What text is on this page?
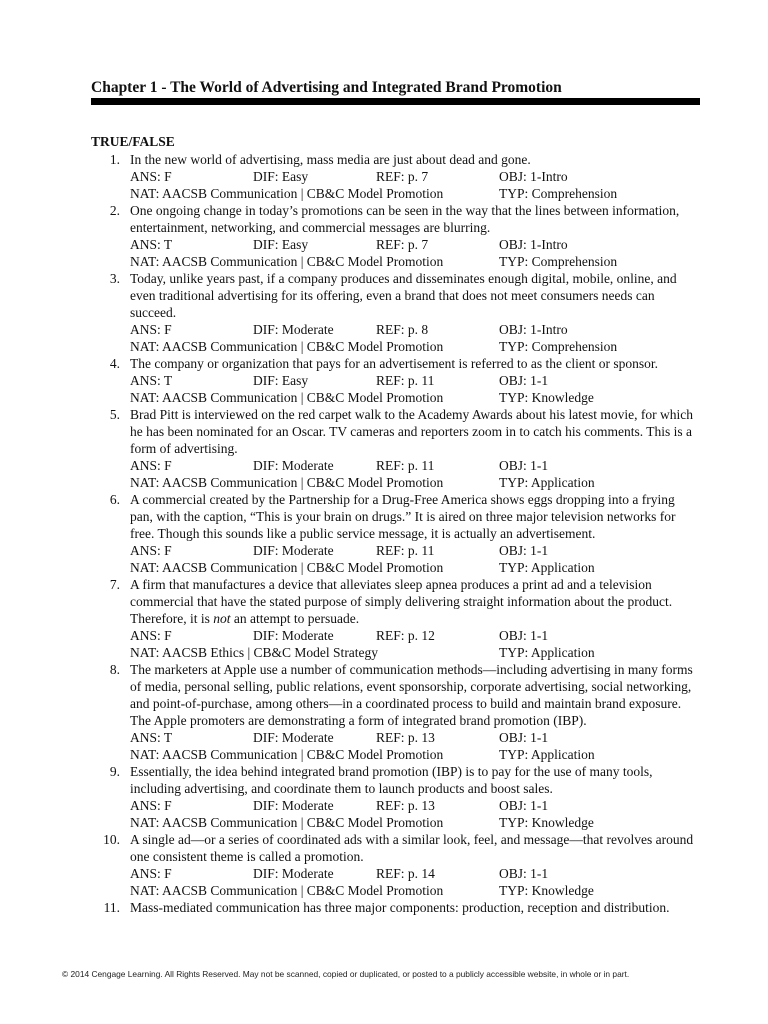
Chapter 1 - The World of Advertising and Integrated Brand Promotion
TRUE/FALSE
1. In the new world of advertising, mass media are just about dead and gone.
ANS: F	DIF: Easy	REF: p. 7	OBJ: 1-Intro
NAT: AACSB Communication | CB&C Model Promotion	TYP: Comprehension
2. One ongoing change in today’s promotions can be seen in the way that the lines between information, entertainment, networking, and commercial messages are blurring.
ANS: T	DIF: Easy	REF: p. 7	OBJ: 1-Intro
NAT: AACSB Communication | CB&C Model Promotion	TYP: Comprehension
3. Today, unlike years past, if a company produces and disseminates enough digital, mobile, online, and even traditional advertising for its offering, even a brand that does not meet consumers needs can succeed.
ANS: F	DIF: Moderate	REF: p. 8	OBJ: 1-Intro
NAT: AACSB Communication | CB&C Model Promotion	TYP: Comprehension
4. The company or organization that pays for an advertisement is referred to as the client or sponsor.
ANS: T	DIF: Easy	REF: p. 11	OBJ: 1-1
NAT: AACSB Communication | CB&C Model Promotion	TYP: Knowledge
5. Brad Pitt is interviewed on the red carpet walk to the Academy Awards about his latest movie, for which he has been nominated for an Oscar. TV cameras and reporters zoom in to catch his comments. This is a form of advertising.
ANS: F	DIF: Moderate	REF: p. 11	OBJ: 1-1
NAT: AACSB Communication | CB&C Model Promotion	TYP: Application
6. A commercial created by the Partnership for a Drug-Free America shows eggs dropping into a frying pan, with the caption, “This is your brain on drugs.” It is aired on three major television networks for free. Though this sounds like a public service message, it is actually an advertisement.
ANS: F	DIF: Moderate	REF: p. 11	OBJ: 1-1
NAT: AACSB Communication | CB&C Model Promotion	TYP: Application
7. A firm that manufactures a device that alleviates sleep apnea produces a print ad and a television commercial that have the stated purpose of simply delivering straight information about the product. Therefore, it is not an attempt to persuade.
ANS: F	DIF: Moderate	REF: p. 12	OBJ: 1-1
NAT: AACSB Ethics | CB&C Model Strategy	TYP: Application
8. The marketers at Apple use a number of communication methods—including advertising in many forms of media, personal selling, public relations, event sponsorship, corporate advertising, social networking, and point-of-purchase, among others—in a coordinated process to build and maintain brand exposure. The Apple promoters are demonstrating a form of integrated brand promotion (IBP).
ANS: T	DIF: Moderate	REF: p. 13	OBJ: 1-1
NAT: AACSB Communication | CB&C Model Promotion	TYP: Application
9. Essentially, the idea behind integrated brand promotion (IBP) is to pay for the use of many tools, including advertising, and coordinate them to launch products and boost sales.
ANS: F	DIF: Moderate	REF: p. 13	OBJ: 1-1
NAT: AACSB Communication | CB&C Model Promotion	TYP: Knowledge
10. A single ad—or a series of coordinated ads with a similar look, feel, and message—that revolves around one consistent theme is called a promotion.
ANS: F	DIF: Moderate	REF: p. 14	OBJ: 1-1
NAT: AACSB Communication | CB&C Model Promotion	TYP: Knowledge
11. Mass-mediated communication has three major components: production, reception and distribution.
© 2014 Cengage Learning. All Rights Reserved. May not be scanned, copied or duplicated, or posted to a publicly accessible website, in whole or in part.
